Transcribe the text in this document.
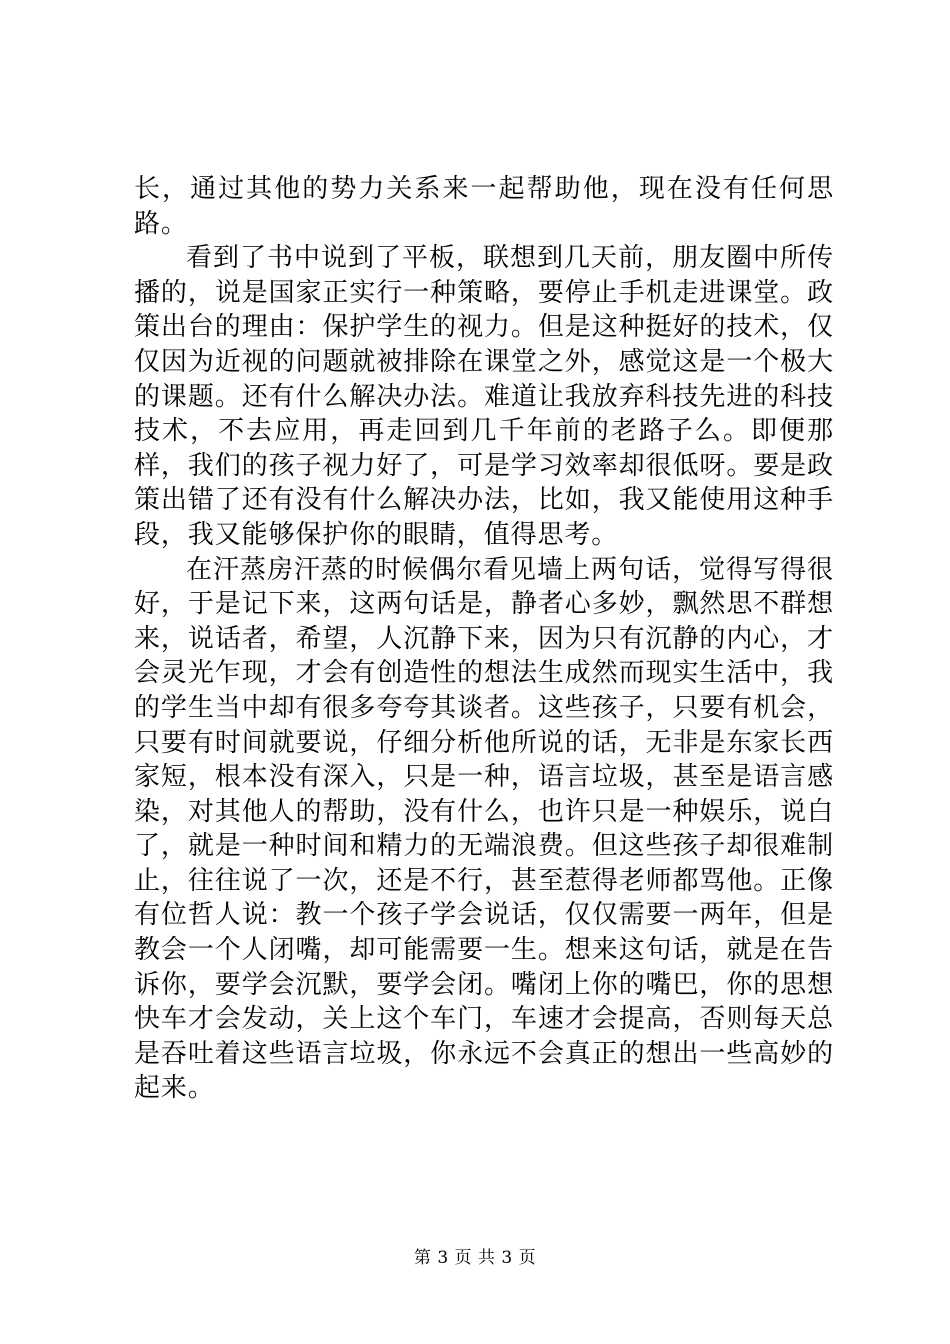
长，通过其他的势力关系来一起帮助他，现在没有任何思路。

看到了书中说到了平板，联想到几天前，朋友圈中所传播的，说是国家正实行一种策略，要停止手机走进课堂。政策出台的理由：保护学生的视力。但是这种挺好的技术，仅仅因为近视的问题就被排除在课堂之外，感觉这是一个极大的课题。还有什么解决办法。难道让我放弃科技先进的科技技术，不去应用，再走回到几千年前的老路子么。即便那样，我们的孩子视力好了，可是学习效率却很低呀。要是政策出错了还有没有什么解决办法，比如，我又能使用这种手段，我又能够保护你的眼睛，值得思考。

在汗蒸房汗蒸的时候偶尔看见墙上两句话，觉得写得很好，于是记下来，这两句话是，静者心多妙，飘然思不群想来，说话者，希望，人沉静下来，因为只有沉静的内心，才会灵光乍现，才会有创造性的想法生成然而现实生活中，我的学生当中却有很多夸夸其谈者。这些孩子，只要有机会，只要有时间就要说，仔细分析他所说的话，无非是东家长西家短，根本没有深入，只是一种，语言垃圾，甚至是语言感染，对其他人的帮助，没有什么，也许只是一种娱乐，说白了，就是一种时间和精力的无端浪费。但这些孩子却很难制止，往往说了一次，还是不行，甚至惹得老师都骂他。正像有位哲人说：教一个孩子学会说话，仅仅需要一两年，但是教会一个人闭嘴，却可能需要一生。想来这句话，就是在告诉你，要学会沉默，要学会闭。嘴闭上你的嘴巴，你的思想快车才会发动，关上这个车门，车速才会提高，否则每天总是吞吐着这些语言垃圾，你永远不会真正的想出一些高妙的起来。

第 3 页 共 3 页
